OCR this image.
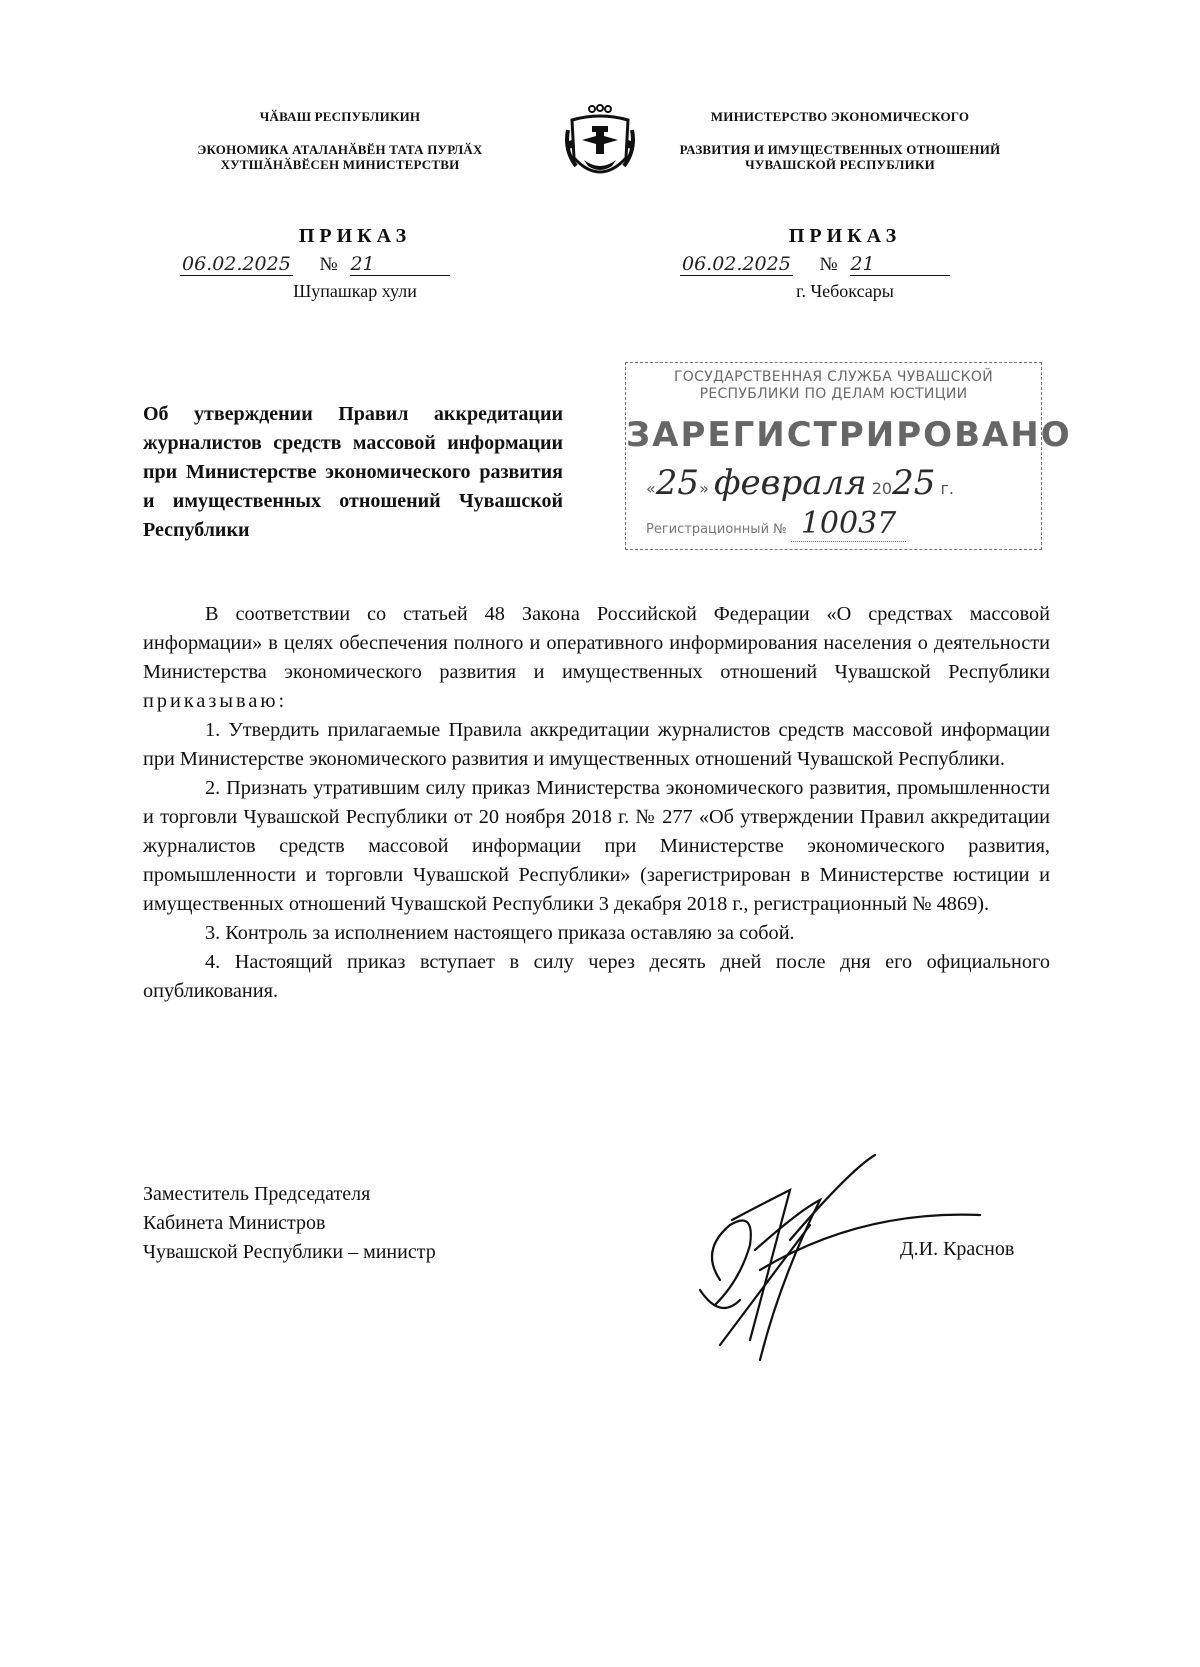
ЧӐВАШ РЕСПУБЛИКИН
ЭКОНОМИКА АТАЛАНӐВӖН ТАТА ПУРЛӐХ ХУТШӐНӐВӖСЕН МИНИСТЕРСТВИ
МИНИСТЕРСТВО ЭКОНОМИЧЕСКОГО
РАЗВИТИЯ И ИМУЩЕСТВЕННЫХ ОТНОШЕНИЙ ЧУВАШСКОЙ РЕСПУБЛИКИ
ПРИКАЗ	ПРИКАЗ
06.02.2025 № 21	06.02.2025 № 21
Шупашкар хули	г. Чебоксары
ГОСУДАРСТВЕННАЯ СЛУЖБА ЧУВАШСКОЙ
РЕСПУБЛИКИ ПО ДЕЛАМ ЮСТИЦИИ
ЗАРЕГИСТРИРОВАНО
«25» февраля 2025 г.
Регистрационный № 10037
Об утверждении Правил аккредитации журналистов средств массовой информации при Министерстве экономического развития и имущественных отношений Чувашской Республики

В соответствии со статьей 48 Закона Российской Федерации «О средствах массовой информации» в целях обеспечения полного и оперативного информирования населения о деятельности Министерства экономического развития и имущественных отношений Чувашской Республики приказываю:

1. Утвердить прилагаемые Правила аккредитации журналистов средств массовой информации при Министерстве экономического развития и имущественных отношений Чувашской Республики.

2. Признать утратившим силу приказ Министерства экономического развития, промышленности и торговли Чувашской Республики от 20 ноября 2018 г. № 277 «Об утверждении Правил аккредитации журналистов средств массовой информации при Министерстве экономического развития, промышленности и торговли Чувашской Республики» (зарегистрирован в Министерстве юстиции и имущественных отношений Чувашской Республики 3 декабря 2018 г., регистрационный № 4869).

3. Контроль за исполнением настоящего приказа оставляю за собой.

4. Настоящий приказ вступает в силу через десять дней после дня его официального опубликования.

Заместитель Председателя
Кабинета Министров
Чувашской Республики – министр	Д.И. Краснов
